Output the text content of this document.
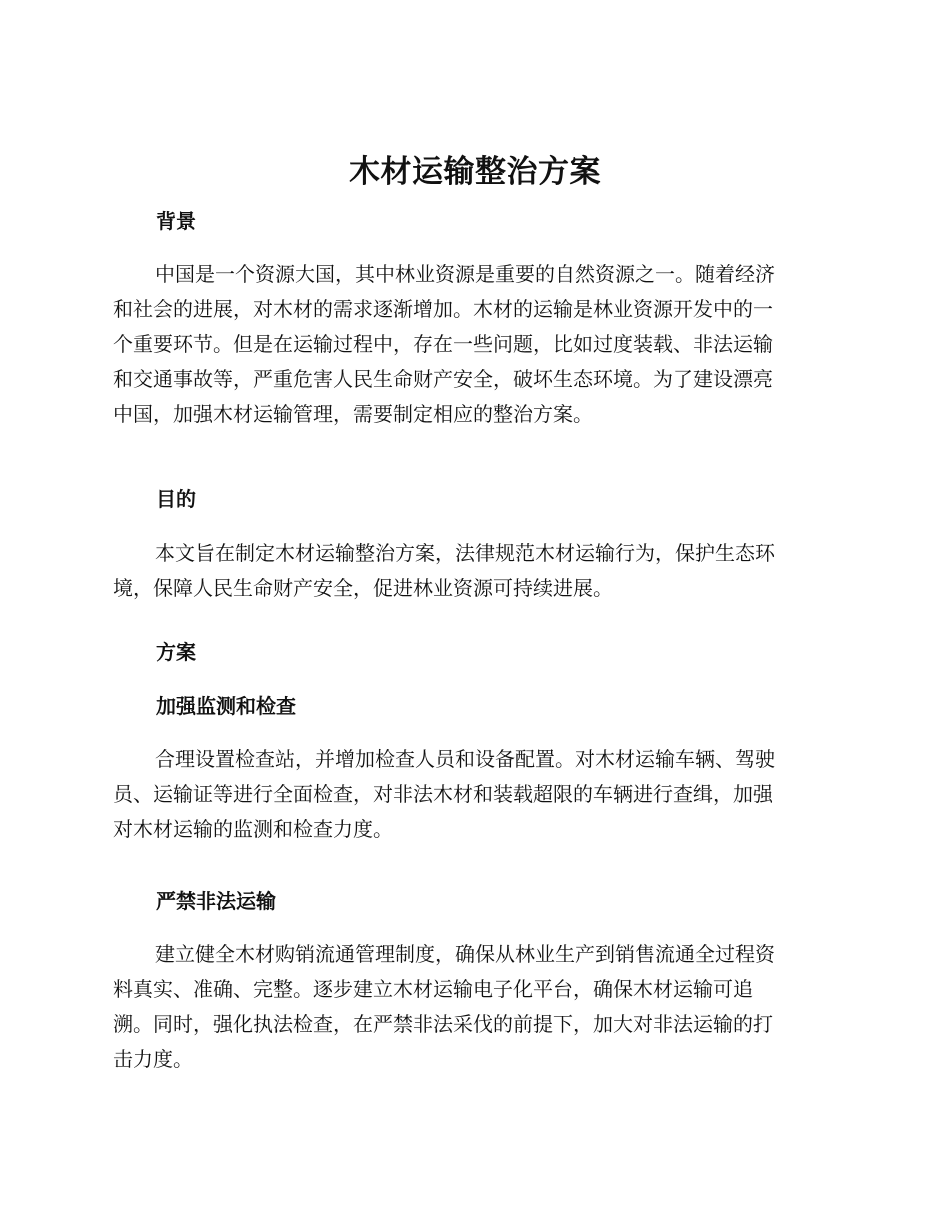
木材运输整治方案
背景
中国是一个资源大国，其中林业资源是重要的自然资源之一。随着经济
和社会的进展，对木材的需求逐渐增加。木材的运输是林业资源开发中的一
个重要环节。但是在运输过程中，存在一些问题，比如过度装载、非法运输
和交通事故等，严重危害人民生命财产安全，破坏生态环境。为了建设漂亮
中国，加强木材运输管理，需要制定相应的整治方案。
目的
本文旨在制定木材运输整治方案，法律规范木材运输行为，保护生态环
境，保障人民生命财产安全，促进林业资源可持续进展。
方案
加强监测和检查
合理设置检查站，并增加检查人员和设备配置。对木材运输车辆、驾驶
员、运输证等进行全面检查，对非法木材和装载超限的车辆进行查缉，加强
对木材运输的监测和检查力度。
严禁非法运输
建立健全木材购销流通管理制度，确保从林业生产到销售流通全过程资
料真实、准确、完整。逐步建立木材运输电子化平台，确保木材运输可追
溯。同时，强化执法检查，在严禁非法采伐的前提下，加大对非法运输的打
击力度。
